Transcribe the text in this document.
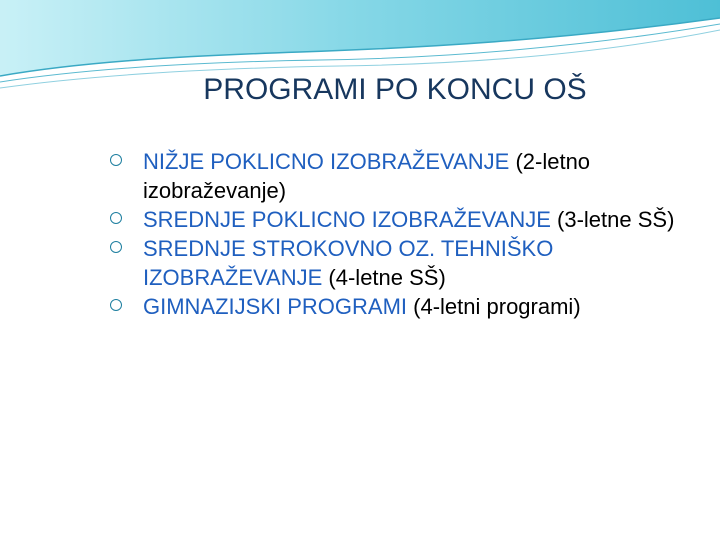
PROGRAMI PO KONCU OŠ
NIŽJE POKLICNO IZOBRAŽEVANJE (2-letno izobraževanje)
SREDNJE POKLICNO IZOBRAŽEVANJE (3-letne SŠ)
SREDNJE STROKOVNO OZ. TEHNIŠKO IZOBRAŽEVANJE (4-letne SŠ)
GIMNAZIJSKI PROGRAMI (4-letni programi)
